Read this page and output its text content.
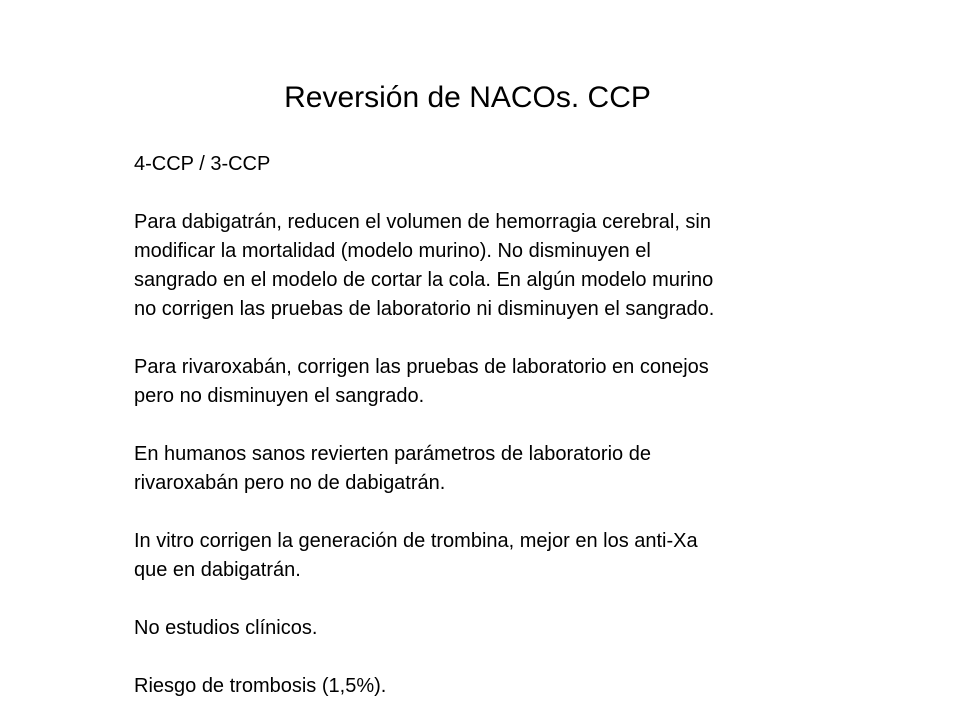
Reversión de NACOs. CCP

4-CCP / 3-CCP

Para dabigatrán, reducen el volumen de hemorragia cerebral, sin
modificar la mortalidad (modelo murino). No disminuyen el
sangrado en el modelo de cortar la cola. En algún modelo murino
no corrigen las pruebas de laboratorio ni disminuyen el sangrado.

Para rivaroxabán, corrigen las pruebas de laboratorio en conejos
pero no disminuyen el sangrado.

En humanos sanos revierten parámetros de laboratorio de
rivaroxabán pero no de dabigatrán.

In vitro corrigen la generación de trombina, mejor en los anti-Xa
que en dabigatrán.

No estudios clínicos.

Riesgo de trombosis (1,5%).
